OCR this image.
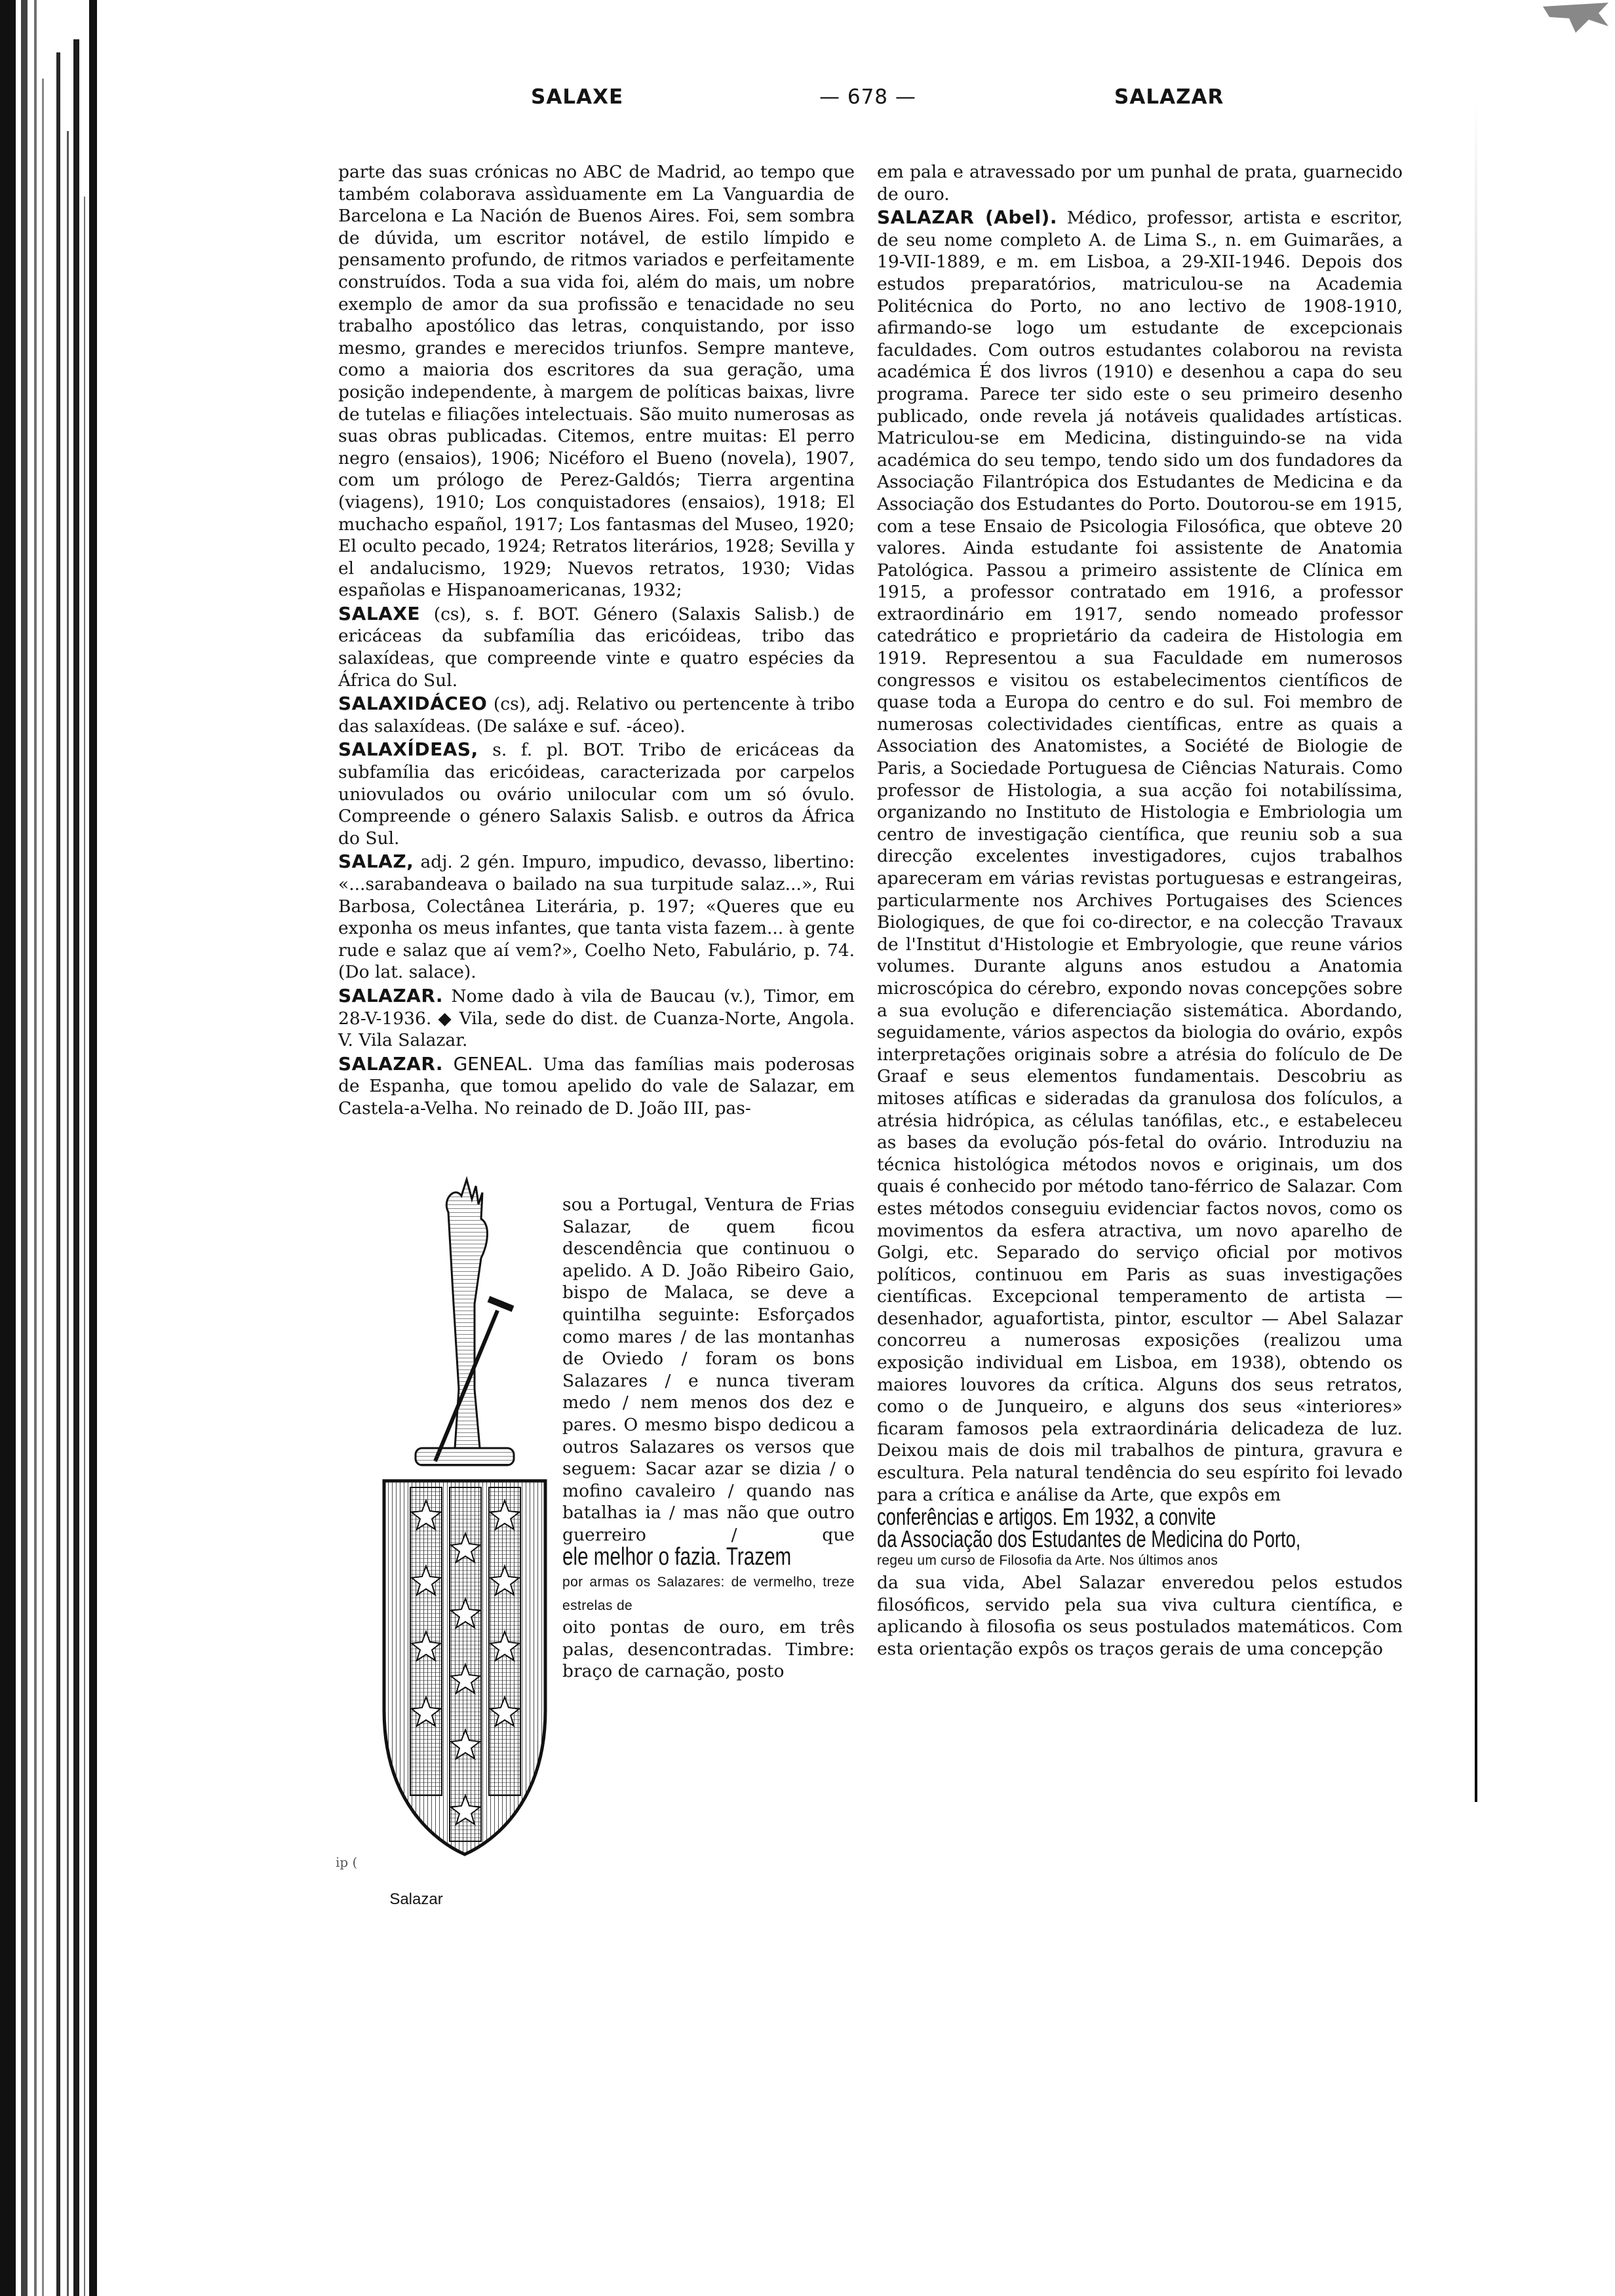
SALAXE	— 678 —	SALAZAR

parte das suas crónicas no ABC de Madrid, ao tempo que também colaborava assìduamente em La Vanguardia de Barcelona e La Nación de Buenos Aires. Foi, sem sombra de dúvida, um escritor notável, de estilo límpido e pensamento profundo, de ritmos variados e perfeitamente construídos. Toda a sua vida foi, além do mais, um nobre exemplo de amor da sua profissão e tenacidade no seu trabalho apostólico das letras, conquistando, por isso mesmo, grandes e merecidos triunfos. Sempre manteve, como a maioria dos escritores da sua geração, uma posição independente, à margem de políticas baixas, livre de tutelas e filiações intelectuais. São muito numerosas as suas obras publicadas. Citemos, entre muitas: El perro negro (ensaios), 1906; Nicéforo el Bueno (novela), 1907, com um prólogo de Perez-Galdós; Tierra argentina (viagens), 1910; Los conquistadores (ensaios), 1918; El muchacho español, 1917; Los fantasmas del Museo, 1920; El oculto pecado, 1924; Retratos literários, 1928; Sevilla y el andalucismo, 1929; Nuevos retratos, 1930; Vidas españolas e Hispanoamericanas, 1932;

SALAXE (cs), s. f. BOT. Género (Salaxis Salisb.) de ericáceas da subfamília das ericóideas, tribo das salaxídeas, que compreende vinte e quatro espécies da África do Sul.

SALAXIDÁCEO (cs), adj. Relativo ou pertencente à tribo das salaxídeas. (De saláxe e suf. -áceo).

SALAXÍDEAS, s. f. pl. BOT. Tribo de ericáceas da subfamília das ericóideas, caracterizada por carpelos uniovulados ou ovário unilocular com um só óvulo. Compreende o género Salaxis Salisb. e outros da África do Sul.

SALAZ, adj. 2 gén. Impuro, impudico, devasso, libertino: «...sarabandeava o bailado na sua turpitude salaz...», Rui Barbosa, Colectânea Literária, p. 197; «Queres que eu exponha os meus infantes, que tanta vista fazem... à gente rude e salaz que aí vem?», Coelho Neto, Fabulário, p. 74. (Do lat. salace).

SALAZAR. Nome dado à vila de Baucau (v.), Timor, em 28-V-1936. ◆ Vila, sede do dist. de Cuanza-Norte, Angola. V. Vila Salazar.

SALAZAR. GENEAL. Uma das famílias mais poderosas de Espanha, que tomou apelido do vale de Salazar, em Castela-a-Velha. No reinado de D. João III, pas-

ip (
Salazar
sou a Portugal, Ventura de Frias Salazar, de quem ficou descendência que continuou o apelido. A D. João Ribeiro Gaio, bispo de Malaca, se deve a quintilha seguinte: Esforçados como mares / de las montanhas de Oviedo / foram os bons Salazares / e nunca tiveram medo / nem menos dos dez e pares. O mesmo bispo dedicou a outros Salazares os versos que seguem: Sacar azar se dizia / o mofino cavaleiro / quando nas batalhas ia / mas não que outro guerreiro / que ele melhor o fazia. Trazem
por armas os Salazares: de vermelho, treze estrelas de
oito pontas de ouro, em três palas, desencontradas. Timbre: braço de carnação, posto

em pala e atravessado por um punhal de prata, guarnecido de ouro.

SALAZAR (Abel). Médico, professor, artista e escritor, de seu nome completo A. de Lima S., n. em Guimarães, a 19-VII-1889, e m. em Lisboa, a 29-XII-1946. Depois dos estudos preparatórios, matriculou-se na Academia Politécnica do Porto, no ano lectivo de 1908-1910, afirmando-se logo um estudante de excepcionais faculdades. Com outros estudantes colaborou na revista académica É dos livros (1910) e desenhou a capa do seu programa. Parece ter sido este o seu primeiro desenho publicado, onde revela já notáveis qualidades artísticas. Matriculou-se em Medicina, distinguindo-se na vida académica do seu tempo, tendo sido um dos fundadores da Associação Filantrópica dos Estudantes de Medicina e da Associação dos Estudantes do Porto. Doutorou-se em 1915, com a tese Ensaio de Psicologia Filosófica, que obteve 20 valores. Ainda estudante foi assistente de Anatomia Patológica. Passou a primeiro assistente de Clínica em 1915, a professor contratado em 1916, a professor extraordinário em 1917, sendo nomeado professor catedrático e proprietário da cadeira de Histologia em 1919. Representou a sua Faculdade em numerosos congressos e visitou os estabelecimentos científicos de quase toda a Europa do centro e do sul. Foi membro de numerosas colectividades científicas, entre as quais a Association des Anatomistes, a Société de Biologie de Paris, a Sociedade Portuguesa de Ciências Naturais. Como professor de Histologia, a sua acção foi notabilíssima, organizando no Instituto de Histologia e Embriologia um centro de investigação científica, que reuniu sob a sua direcção excelentes investigadores, cujos trabalhos apareceram em várias revistas portuguesas e estrangeiras, particularmente nos Archives Portugaises des Sciences Biologiques, de que foi co-director, e na colecção Travaux de l'Institut d'Histologie et Embryologie, que reune vários volumes. Durante alguns anos estudou a Anatomia microscópica do cérebro, expondo novas concepções sobre a sua evolução e diferenciação sistemática. Abordando, seguidamente, vários aspectos da biologia do ovário, expôs interpretações originais sobre a atrésia do folículo de De Graaf e seus elementos fundamentais. Descobriu as mitoses atíficas e sideradas da granulosa dos folículos, a atrésia hidrópica, as células tanófilas, etc., e estabeleceu as bases da evolução pós-fetal do ovário. Introduziu na técnica histológica métodos novos e originais, um dos quais é conhecido por método tano-férrico de Salazar. Com estes métodos conseguiu evidenciar factos novos, como os movimentos da esfera atractiva, um novo aparelho de Golgi, etc. Separado do serviço oficial por motivos políticos, continuou em Paris as suas investigações científicas. Excepcional temperamento de artista — desenhador, aguafortista, pintor, escultor — Abel Salazar concorreu a numerosas exposições (realizou uma exposição individual em Lisboa, em 1938), obtendo os maiores louvores da crítica. Alguns dos seus retratos, como o de Junqueiro, e alguns dos seus «interiores» ficaram famosos pela extraordinária delicadeza de luz. Deixou mais de dois mil trabalhos de pintura, gravura e escultura. Pela natural tendência do seu espírito foi levado para a crítica e análise da Arte, que expôs em
conferências e artigos. Em 1932, a convite
da Associação dos Estudantes de Medicina do Porto,
regeu um curso de Filosofia da Arte. Nos últimos anos
da sua vida, Abel Salazar enveredou pelos estudos filosóficos, servido pela sua viva cultura científica, e aplicando à filosofia os seus postulados matemáticos. Com esta orientação expôs os traços gerais de uma concepção
